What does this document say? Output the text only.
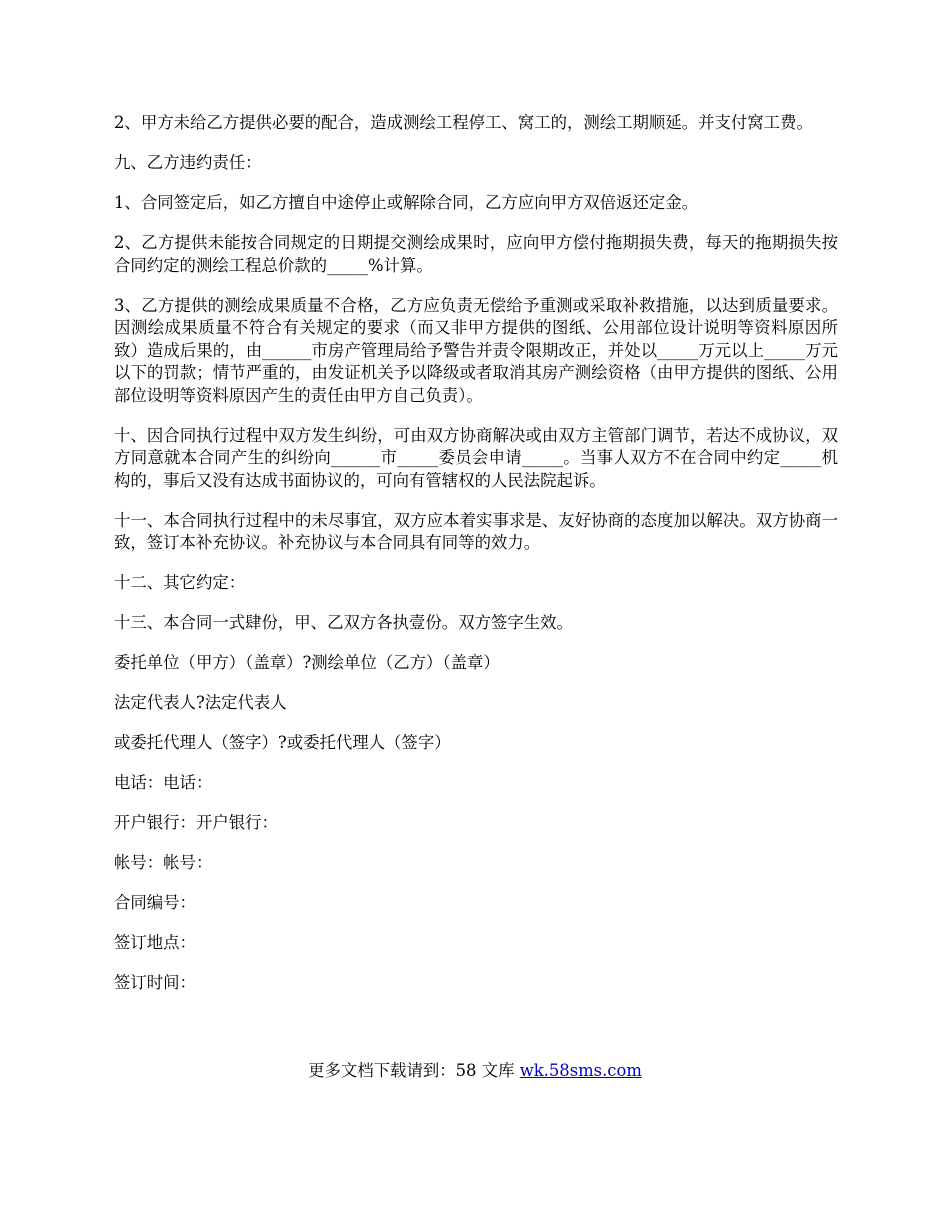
2、甲方未给乙方提供必要的配合，造成测绘工程停工、窝工的，测绘工期顺延。并支付窝工费。

九、乙方违约责任：

1、合同签定后，如乙方擅自中途停止或解除合同，乙方应向甲方双倍返还定金。

2、乙方提供未能按合同规定的日期提交测绘成果时，应向甲方偿付拖期损失费，每天的拖期损失按合同约定的测绘工程总价款的_____%计算。

3、乙方提供的测绘成果质量不合格，乙方应负责无偿给予重测或采取补救措施，以达到质量要求。因测绘成果质量不符合有关规定的要求（而又非甲方提供的图纸、公用部位设计说明等资料原因所致）造成后果的，由______市房产管理局给予警告并责令限期改正，并处以_____万元以上_____万元以下的罚款；情节严重的，由发证机关予以降级或者取消其房产测绘资格（由甲方提供的图纸、公用部位设明等资料原因产生的责任由甲方自己负责）。

十、因合同执行过程中双方发生纠纷，可由双方协商解决或由双方主管部门调节，若达不成协议，双方同意就本合同产生的纠纷向______市_____委员会申请_____。当事人双方不在合同中约定_____机构的，事后又没有达成书面协议的，可向有管辖权的人民法院起诉。

十一、本合同执行过程中的未尽事宜，双方应本着实事求是、友好协商的态度加以解决。双方协商一致，签订本补充协议。补充协议与本合同具有同等的效力。

十二、其它约定：

十三、本合同一式肆份，甲、乙双方各执壹份。双方签字生效。

委托单位（甲方）（盖章）?测绘单位（乙方）（盖章）

法定代表人?法定代表人

或委托代理人（签字）?或委托代理人（签字）

电话：电话：

开户银行：开户银行：

帐号：帐号：

合同编号：

签订地点：

签订时间：

更多文档下载请到：58 文库 wk.58sms.com
